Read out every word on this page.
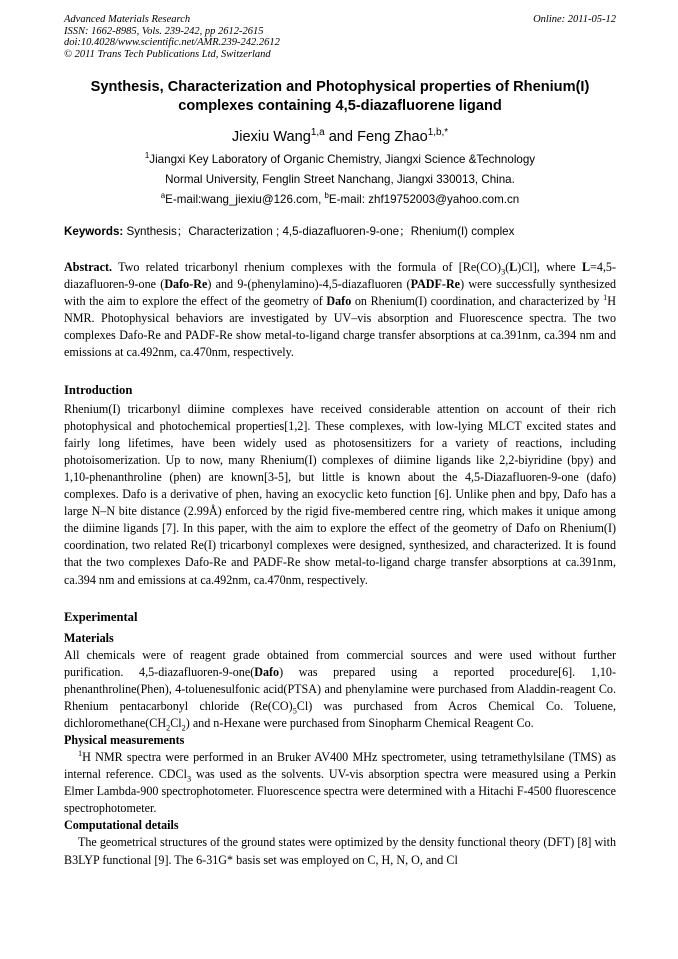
Advanced Materials Research
ISSN: 1662-8985, Vols. 239-242, pp 2612-2615
doi:10.4028/www.scientific.net/AMR.239-242.2612
© 2011 Trans Tech Publications Ltd, Switzerland
Online: 2011-05-12
Synthesis, Characterization and Photophysical properties of Rhenium(I)
complexes containing 4,5-diazafluorene ligand
Jiexiu Wang$^{1,a}$ and Feng Zhao$^{1,b,*}$
$^1$Jiangxi Key Laboratory of Organic Chemistry, Jiangxi Science &Technology
Normal University, Fenglin Street Nanchang, Jiangxi 330013, China.
$^a$E-mail:wang_jiexiu@126.com, $^b$E-mail: zhf19752003@yahoo.com.cn
Keywords: Synthesis；Characterization ; 4,5-diazafluoren-9-one；Rhenium(I) complex
Abstract. Two related tricarbonyl rhenium complexes with the formula of $[Re(CO)_3(L)Cl]$, where L=4,5-diazafluoren-9-one (Dafo-Re) and 9-(phenylamino)-4,5-diazafluoren (PADF-Re) were successfully synthesized with the aim to explore the effect of the geometry of Dafo on Rhenium(I) coordination, and characterized by $^1$H NMR. Photophysical behaviors are investigated by UV–vis absorption and Fluorescence spectra. The two complexes Dafo-Re and PADF-Re show metal-to-ligand charge transfer absorptions at ca.391nm, ca.394 nm and emissions at ca.492nm, ca.470nm, respectively.
Introduction
Rhenium(I) tricarbonyl diimine complexes have received considerable attention on account of their rich photophysical and photochemical properties[1,2]. These complexes, with low-lying MLCT excited states and fairly long lifetimes, have been widely used as photosensitizers for a variety of reactions, including photoisomerization. Up to now, many Rhenium(I) complexes of diimine ligands like 2,2-biyridine (bpy) and 1,10-phenanthroline (phen) are known[3-5], but little is known about the 4,5-Diazafluoren-9-one (dafo) complexes. Dafo is a derivative of phen, having an exocyclic keto function [6]. Unlike phen and bpy, Dafo has a large N–N bite distance (2.99Å) enforced by the rigid five-membered centre ring, which makes it unique among the diimine ligands [7]. In this paper, with the aim to explore the effect of the geometry of Dafo on Rhenium(I) coordination, two related Re(I) tricarbonyl complexes were designed, synthesized, and characterized. It is found that the two complexes Dafo-Re and PADF-Re show metal-to-ligand charge transfer absorptions at ca.391nm, ca.394 nm and emissions at ca.492nm, ca.470nm, respectively.
Experimental
Materials
All chemicals were of reagent grade obtained from commercial sources and were used without further purification. 4,5-diazafluoren-9-one(Dafo) was prepared using a reported procedure[6]. 1,10-phenanthroline(Phen), 4-toluenesulfonic acid(PTSA) and phenylamine were purchased from Aladdin-reagent Co. Rhenium pentacarbonyl chloride $(Re(CO)_5Cl)$ was purchased from Acros Chemical Co. Toluene, $dichloromethane(CH_2Cl_2)$ and n-Hexane were purchased from Sinopharm Chemical Reagent Co.
Physical measurements
$^1$H NMR spectra were performed in an Bruker AV400 MHz spectrometer, using tetramethylsilane (TMS) as internal reference. CDCl$_3$ was used as the solvents. UV-vis absorption spectra were measured using a Perkin Elmer Lambda-900 spectrophotometer. Fluorescence spectra were determined with a Hitachi F-4500 fluorescence spectrophotometer.
Computational details
The geometrical structures of the ground states were optimized by the density functional theory (DFT) [8] with B3LYP functional [9]. The 6-31G* basis set was employed on C, H, N, O, and Cl
